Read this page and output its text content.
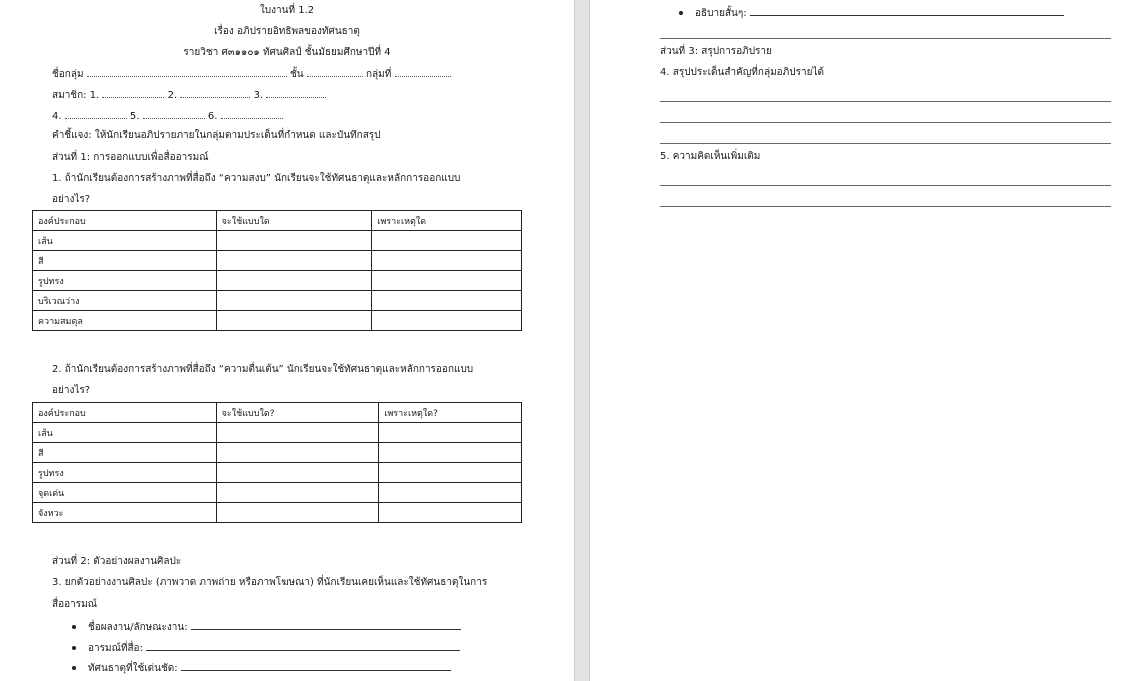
ใบงานที่ 1.2
เรื่อง อภิปรายอิทธิพลของทัศนธาตุ
รายวิชา ศ๓๑๑๐๑ ทัศนศิลป์ ชั้นมัธยมศึกษาปีที่ 4
ชื่อกลุ่ม	ชั้น	กลุ่มที่
สมาชิก: 1.	2.	3.
4.	5.	6.
คำชี้แจง: ให้นักเรียนอภิปรายภายในกลุ่มตามประเด็นที่กำหนด และบันทึกสรุป
ส่วนที่ 1: การออกแบบเพื่อสื่ออารมณ์
1. ถ้านักเรียนต้องการสร้างภาพที่สื่อถึง “ความสงบ” นักเรียนจะใช้ทัศนธาตุและหลักการออกแบบ
อย่างไร?
องค์ประกอบ	จะใช้แบบใด	เพราะเหตุใด
เส้น		
สี		
รูปทรง		
บริเวณว่าง		
ความสมดุล		
2. ถ้านักเรียนต้องการสร้างภาพที่สื่อถึง “ความตื่นเต้น” นักเรียนจะใช้ทัศนธาตุและหลักการออกแบบ
อย่างไร?
องค์ประกอบ	จะใช้แบบใด?	เพราะเหตุใด?
เส้น		
สี		
รูปทรง		
จุดเด่น		
จังหวะ		
ส่วนที่ 2: ตัวอย่างผลงานศิลปะ
3. ยกตัวอย่างงานศิลปะ (ภาพวาด ภาพถ่าย หรือภาพโฆษณา) ที่นักเรียนเคยเห็นและใช้ทัศนธาตุในการ
สื่ออารมณ์
ชื่อผลงาน/ลักษณะงาน:
อารมณ์ที่สื่อ:
ทัศนธาตุที่ใช้เด่นชัด:
อธิบายสั้นๆ:
ส่วนที่ 3: สรุปการอภิปราย
4. สรุปประเด็นสำคัญที่กลุ่มอภิปรายได้
5. ความคิดเห็นเพิ่มเติม
